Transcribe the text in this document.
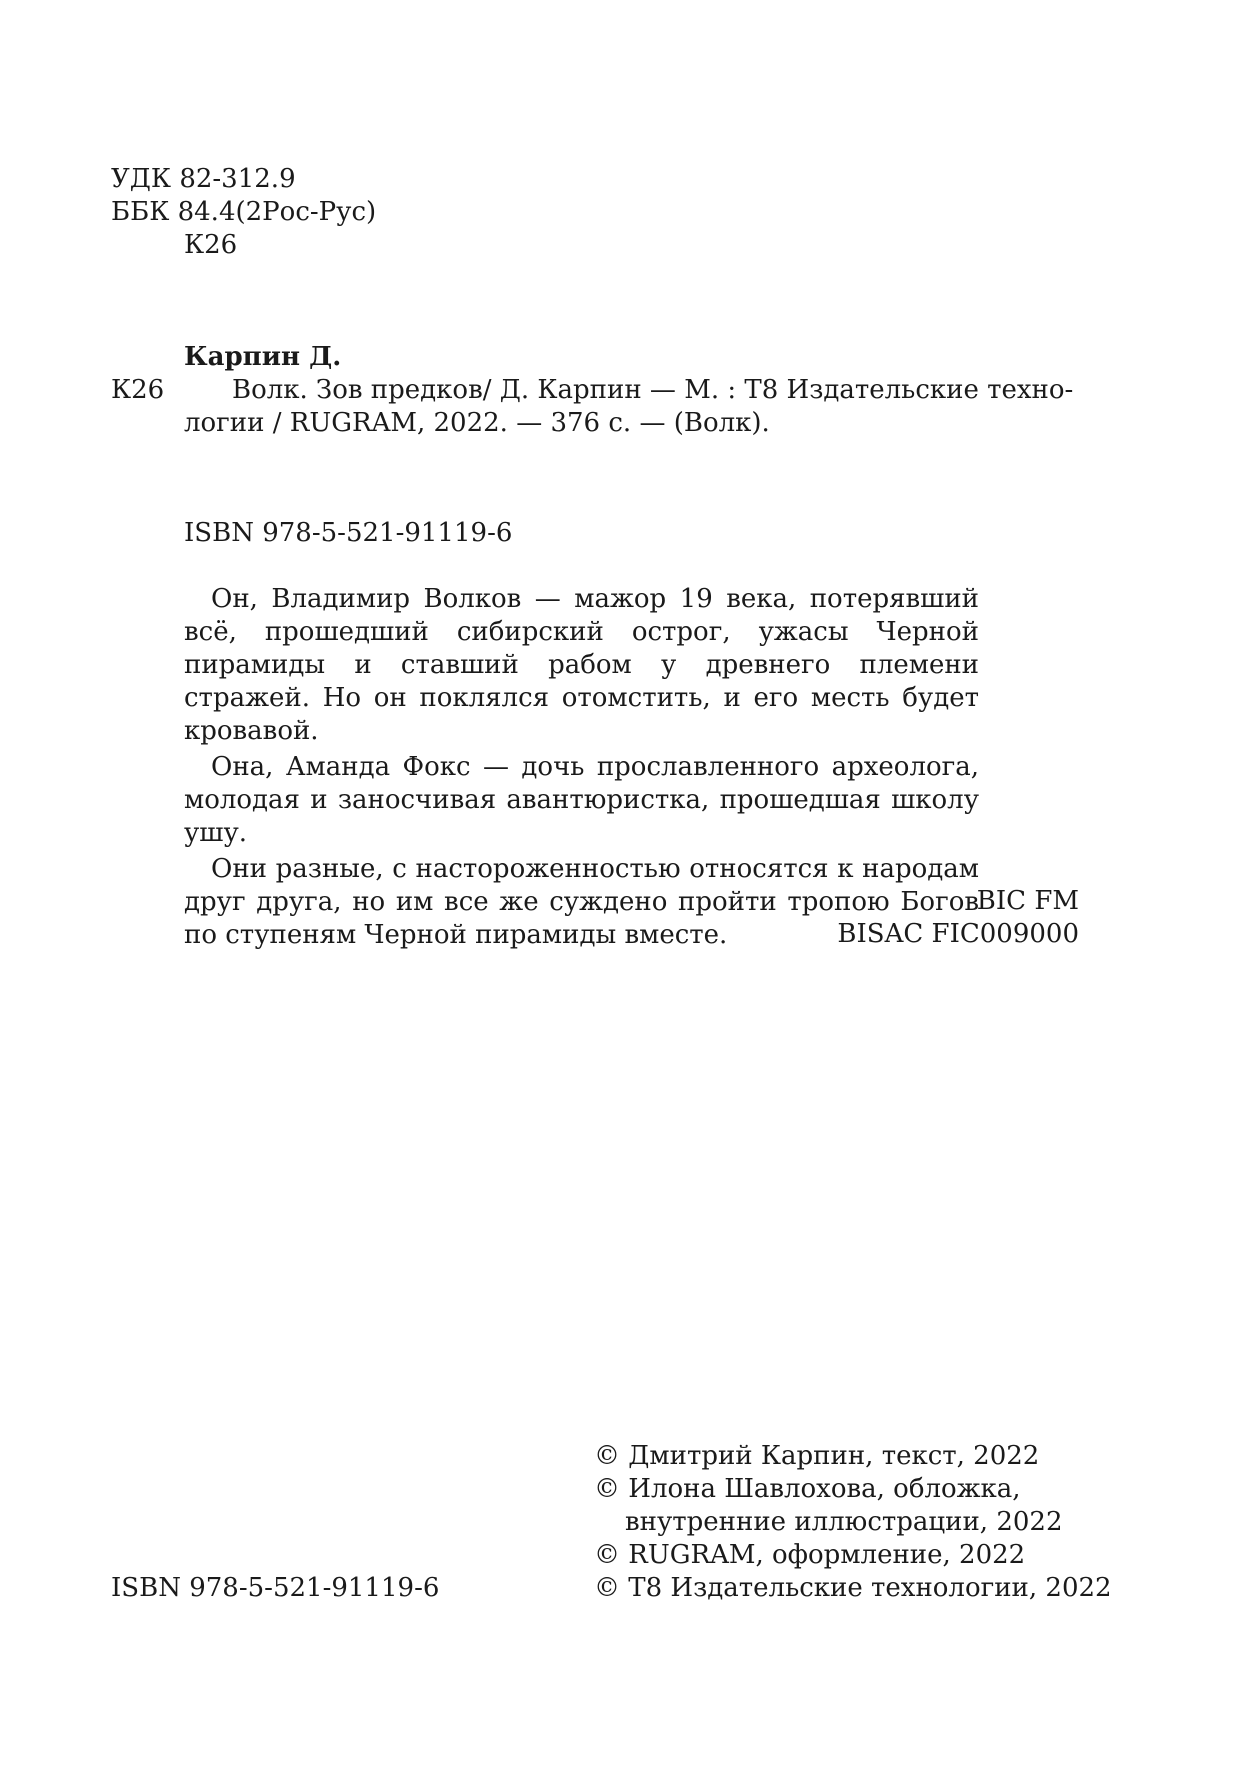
УДК 82-312.9
ББК 84.4(2Рос-Рус)
К26
Карпин Д.
К26	Волк. Зов предков/ Д. Карпин — М. : Т8 Издательские техно-
логии / RUGRAM, 2022. — 376 с. — (Волк).
ISBN 978-5-521-91119-6

Он, Владимир Волков — мажор 19 века, потерявший всё, прошедший сибирский острог, ужасы Черной пирамиды и ставший рабом у древнего племени стражей. Но он поклялся отомстить, и его месть будет кровавой.

Она, Аманда Фокс — дочь прославленного археолога, молодая и заносчивая авантюристка, прошедшая школу ушу.

Они разные, с настороженностью относятся к народам друг друга, но им все же суждено пройти тропою Богов по ступеням Черной пирамиды вместе.

BIC FM
BISAC FIC009000
© Дмитрий Карпин, текст, 2022
© Илона Шавлохова, обложка,
внутренние иллюстрации, 2022
© RUGRAM, оформление, 2022
© Т8 Издательские технологии, 2022
ISBN 978-5-521-91119-6
